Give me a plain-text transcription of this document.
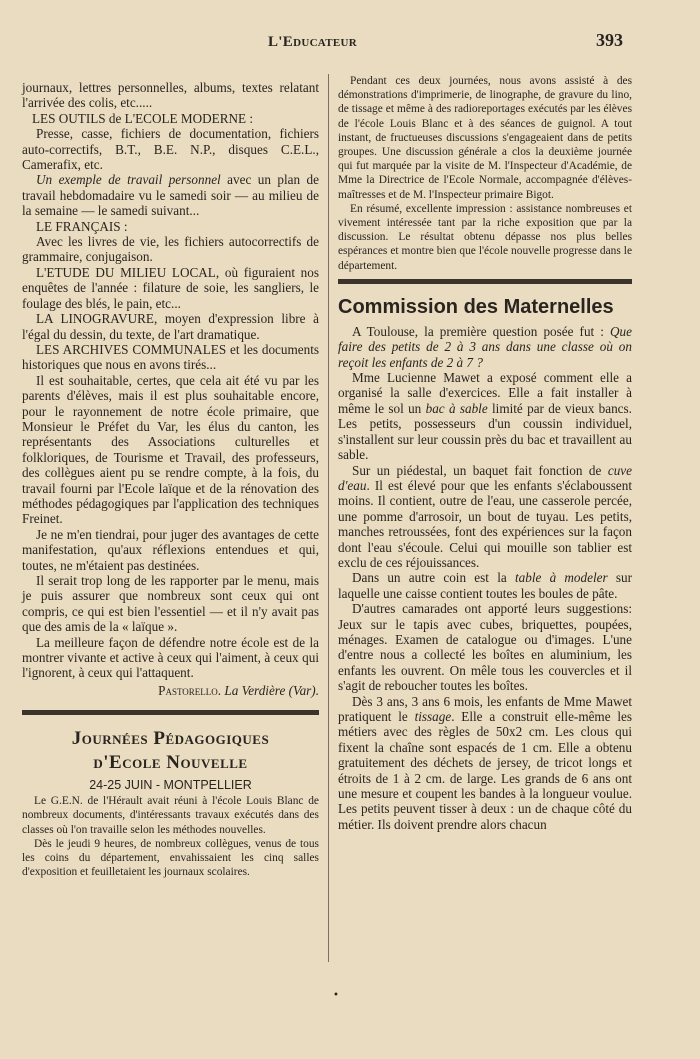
L'Educateur	393

journaux, lettres personnelles, albums, textes relatant l'arrivée des colis, etc.....

LES OUTILS de L'ECOLE MODERNE :

Presse, casse, fichiers de documentation, fichiers auto-correctifs, B.T., B.E. N.P., disques C.E.L., Camerafix, etc.

Un exemple de travail personnel avec un plan de travail hebdomadaire vu le samedi soir — au milieu de la semaine — le samedi suivant...

LE FRANÇAIS :

Avec les livres de vie, les fichiers autocorrectifs de grammaire, conjugaison.

L'ETUDE DU MILIEU LOCAL, où figuraient nos enquêtes de l'année : filature de soie, les sangliers, le foulage des blés, le pain, etc...

LA LINOGRAVURE, moyen d'expression libre à l'égal du dessin, du texte, de l'art dramatique.

LES ARCHIVES COMMUNALES et les documents historiques que nous en avons tirés...

Il est souhaitable, certes, que cela ait été vu par les parents d'élèves, mais il est plus souhaitable encore, pour le rayonnement de notre école primaire, que Monsieur le Préfet du Var, les élus du canton, les représentants des Associations culturelles et folkloriques, de Tourisme et Travail, des professeurs, des collègues aient pu se rendre compte, à la fois, du travail fourni par l'Ecole laïque et de la rénovation des méthodes pédagogiques par l'application des techniques Freinet.

Je ne m'en tiendrai, pour juger des avantages de cette manifestation, qu'aux réflexions entendues et qui, toutes, ne m'étaient pas destinées.

Il serait trop long de les rapporter par le menu, mais je puis assurer que nombreux sont ceux qui ont compris, ce qui est bien l'essentiel — et il n'y avait pas que des amis de la « laïque ».

La meilleure façon de défendre notre école est de la montrer vivante et active à ceux qui l'aiment, à ceux qui l'ignorent, à ceux qui l'attaquent.

Pastorello. La Verdière (Var).

Journées Pédagogiques
d'Ecole Nouvelle
24-25 JUIN - MONTPELLIER

Le G.E.N. de l'Hérault avait réuni à l'école Louis Blanc de nombreux documents, d'intéressants travaux exécutés dans des classes où l'on travaille selon les méthodes nouvelles.

Dès le jeudi 9 heures, de nombreux collègues, venus de tous les coins du département, envahissaient les cinq salles d'exposition et feuilletaient les journaux scolaires.

Pendant ces deux journées, nous avons assisté à des démonstrations d'imprimerie, de linographe, de gravure du lino, de tissage et même à des radioreportages exécutés par les élèves de l'école Louis Blanc et à des séances de guignol. A tout instant, de fructueuses discussions s'engageaient dans de petits groupes. Une discussion générale a clos la deuxième journée qui fut marquée par la visite de M. l'Inspecteur d'Académie, de Mme la Directrice de l'Ecole Normale, accompagnée d'élèves-maîtresses et de M. l'Inspecteur primaire Bigot.

En résumé, excellente impression : assistance nombreuses et vivement intéressée tant par la riche exposition que par la discussion. Le résultat obtenu dépasse nos plus belles espérances et montre bien que l'école nouvelle progresse dans le département.

Commission des Maternelles

A Toulouse, la première question posée fut : Que faire des petits de 2 à 3 ans dans une classe où on reçoit les enfants de 2 à 7 ?

Mme Lucienne Mawet a exposé comment elle a organisé la salle d'exercices. Elle a fait installer à même le sol un bac à sable limité par de vieux bancs. Les petits, possesseurs d'un coussin individuel, s'installent sur leur coussin près du bac et travaillent au sable.

Sur un piédestal, un baquet fait fonction de cuve d'eau. Il est élevé pour que les enfants s'éclaboussent moins. Il contient, outre de l'eau, une casserole percée, une pomme d'arrosoir, un bout de tuyau. Les petits, manches retroussées, font des expériences sur la façon dont l'eau s'écoule. Celui qui mouille son tablier est exclu de ces réjouissances.

Dans un autre coin est la table à modeler sur laquelle une caisse contient toutes les boules de pâte.

D'autres camarades ont apporté leurs suggestions: Jeux sur le tapis avec cubes, briquettes, poupées, ménages. Examen de catalogue ou d'images. L'une d'entre nous a collecté les boîtes en aluminium, les enfants les ouvrent. On mêle tous les couvercles et il s'agit de reboucher toutes les boîtes.

Dès 3 ans, 3 ans 6 mois, les enfants de Mme Mawet pratiquent le tissage. Elle a construit elle-même les métiers avec des règles de 50x2 cm. Les clous qui fixent la chaîne sont espacés de 1 cm. Elle a obtenu gratuitement des déchets de jersey, de tricot longs et étroits de 1 à 2 cm. de large. Les grands de 6 ans ont une mesure et coupent les bandes à la longueur voulue. Les petits peuvent tisser à deux : un de chaque côté du métier. Ils doivent prendre alors chacun

•
